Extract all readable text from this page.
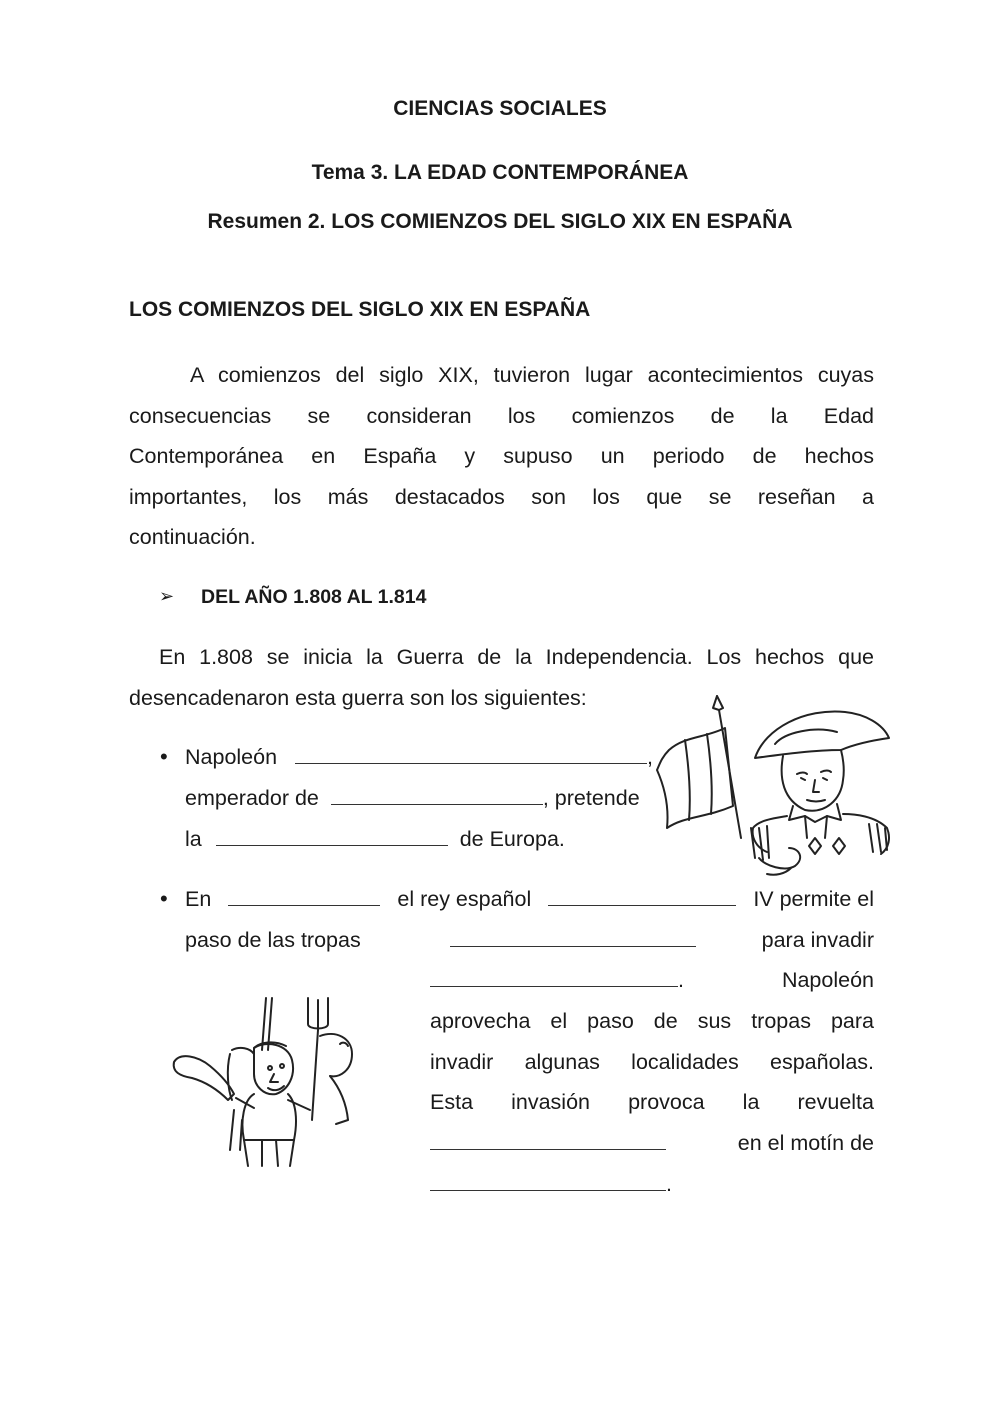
CIENCIAS SOCIALES
Tema 3. LA EDAD CONTEMPORÁNEA
Resumen 2. LOS COMIENZOS DEL SIGLO XIX EN ESPAÑA
LOS COMIENZOS DEL SIGLO XIX EN ESPAÑA
A comienzos del siglo XIX, tuvieron lugar acontecimientos cuyas
consecuencias se consideran los comienzos de la Edad
Contemporánea en España y supuso un periodo de hechos
importantes, los más destacados son los que se reseñan a
continuación.
➢ DEL AÑO 1.808 AL 1.814
En 1.808 se inicia la Guerra de la Independencia. Los hechos que
desencadenaron esta guerra son los siguientes:
• Napoleón	,
emperador de	, pretende
la	de Europa.
• En	el rey español	IV permite el
paso de las tropas	para invadir
.	Napoleón
aprovecha el paso de sus tropas para
invadir algunas localidades españolas.
Esta invasión provoca la revuelta
en el motín de
.
